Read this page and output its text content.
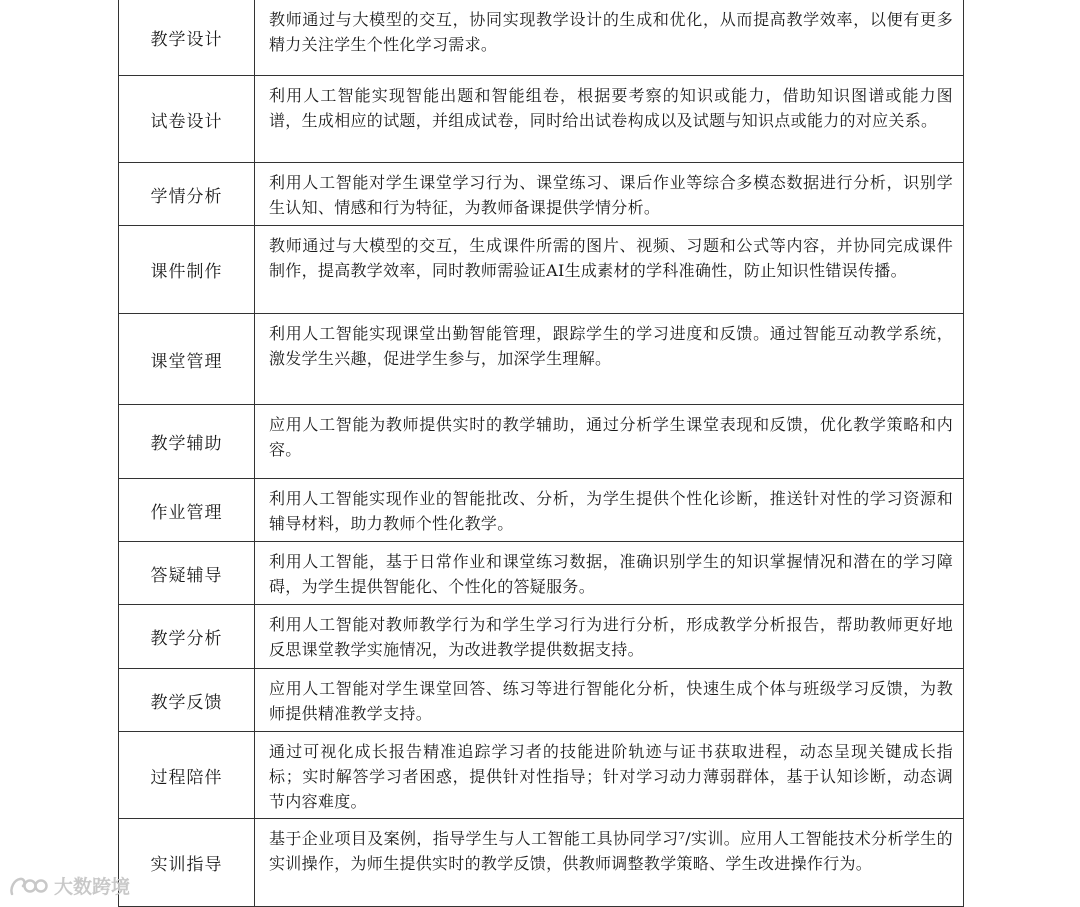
教学设计
教师通过与大模型的交互，协同实现教学设计的生成和优化，从而提高教学效率，以便有更多精力关注学生个性化学习需求。
试卷设计
利用人工智能实现智能出题和智能组卷，根据要考察的知识或能力，借助知识图谱或能力图谱，生成相应的试题，并组成试卷，同时给出试卷构成以及试题与知识点或能力的对应关系。
学情分析
利用人工智能对学生课堂学习行为、课堂练习、课后作业等综合多模态数据进行分析，识别学生认知、情感和行为特征，为教师备课提供学情分析。
课件制作
教师通过与大模型的交互，生成课件所需的图片、视频、习题和公式等内容，并协同完成课件制作，提高教学效率，同时教师需验证AI生成素材的学科准确性，防止知识性错误传播。
课堂管理
利用人工智能实现课堂出勤智能管理，跟踪学生的学习进度和反馈。通过智能互动教学系统，激发学生兴趣，促进学生参与，加深学生理解。
教学辅助
应用人工智能为教师提供实时的教学辅助，通过分析学生课堂表现和反馈，优化教学策略和内容。
作业管理
利用人工智能实现作业的智能批改、分析，为学生提供个性化诊断，推送针对性的学习资源和辅导材料，助力教师个性化教学。
答疑辅导
利用人工智能，基于日常作业和课堂练习数据，准确识别学生的知识掌握情况和潜在的学习障碍，为学生提供智能化、个性化的答疑服务。
教学分析
利用人工智能对教师教学行为和学生学习行为进行分析，形成教学分析报告，帮助教师更好地反思课堂教学实施情况，为改进教学提供数据支持。
教学反馈
应用人工智能对学生课堂回答、练习等进行智能化分析，快速生成个体与班级学习反馈，为教师提供精准教学支持。
过程陪伴
通过可视化成长报告精准追踪学习者的技能进阶轨迹与证书获取进程，动态呈现关键成长指标；实时解答学习者困惑，提供针对性指导；针对学习动力薄弱群体，基于认知诊断，动态调节内容难度。
实训指导
基于企业项目及案例，指导学生与人工智能工具协同学习⁷/实训。应用人工智能技术分析学生的实训操作，为师生提供实时的教学反馈，供教师调整教学策略、学生改进操作行为。
大数跨境
